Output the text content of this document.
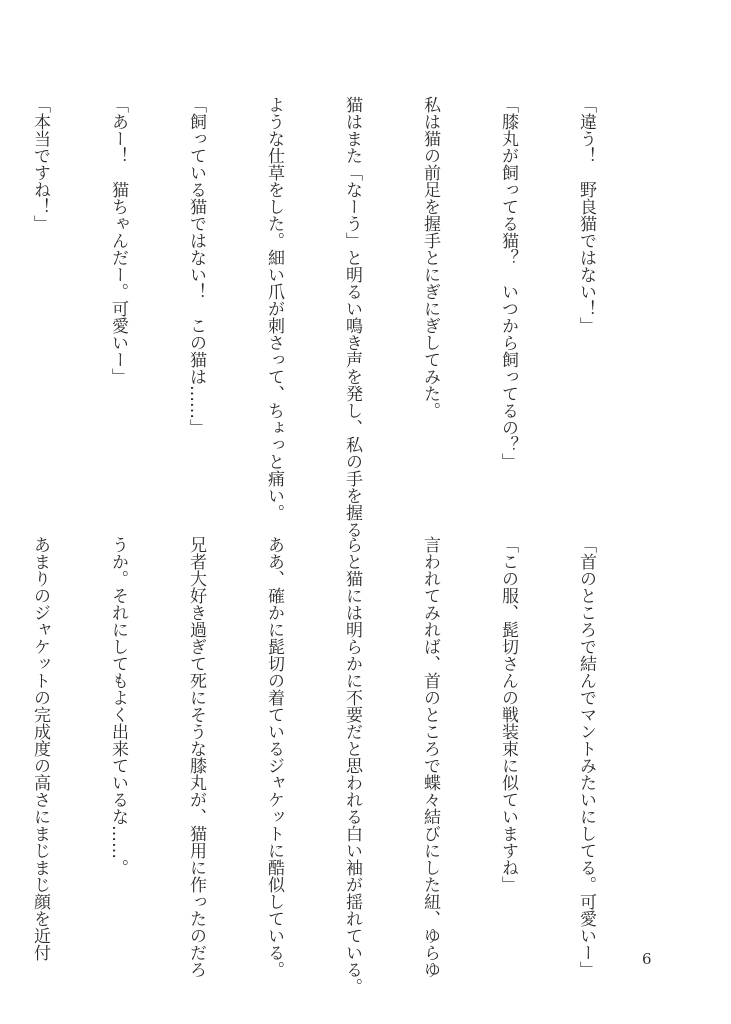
「違う！　野良猫ではない！」

「膝丸が飼ってる猫？　いつから飼ってるの？」

私は猫の前足を握手とにぎにぎしてみた。

猫はまた「なーう」と明るい鳴き声を発し、私の手を握る

ような仕草をした。細い爪が刺さって、ちょっと痛い。

「飼っている猫ではない！　この猫は……」

「あー！　猫ちゃんだー。可愛いー」

「本当ですね！」

「首のところで結んでマントみたいにしてる。可愛いー」

「この服、髭切さんの戦装束に似ていますね」

言われてみれば、首のところで蝶々結びにした紐、ゆらゆ

らと猫には明らかに不要だと思われる白い袖が揺れている。

ああ、確かに髭切の着ているジャケットに酷似している。

兄者大好き過ぎて死にそうな膝丸が、猫用に作ったのだろ

うか。それにしてもよく出来ているな……。

あまりのジャケットの完成度の高さにまじまじ顔を近付

	6
